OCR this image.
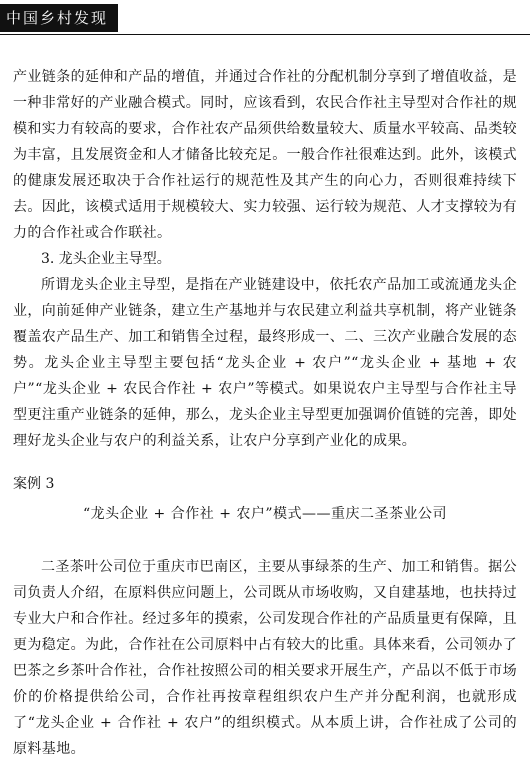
中国乡村发现

产业链条的延伸和产品的增值，并通过合作社的分配机制分享到了增值收益，是一种非常好的产业融合模式。同时，应该看到，农民合作社主导型对合作社的规模和实力有较高的要求，合作社农产品须供给数量较大、质量水平较高、品类较为丰富，且发展资金和人才储备比较充足。一般合作社很难达到。此外，该模式的健康发展还取决于合作社运行的规范性及其产生的向心力，否则很难持续下去。因此，该模式适用于规模较大、实力较强、运行较为规范、人才支撑较为有力的合作社或合作联社。

3. 龙头企业主导型。

所谓龙头企业主导型，是指在产业链建设中，依托农产品加工或流通龙头企业，向前延伸产业链条，建立生产基地并与农民建立利益共享机制，将产业链条覆盖农产品生产、加工和销售全过程，最终形成一、二、三次产业融合发展的态势。龙头企业主导型主要包括“龙头企业 + 农户”“龙头企业 + 基地 + 农户”“龙头企业 + 农民合作社 + 农户”等模式。如果说农户主导型与合作社主导型更注重产业链条的延伸，那么，龙头企业主导型更加强调价值链的完善，即处理好龙头企业与农户的利益关系，让农户分享到产业化的成果。

案例 3
“龙头企业 + 合作社 + 农户”模式——重庆二圣茶业公司

二圣茶叶公司位于重庆市巴南区，主要从事绿茶的生产、加工和销售。据公司负责人介绍，在原料供应问题上，公司既从市场收购，又自建基地，也扶持过专业大户和合作社。经过多年的摸索，公司发现合作社的产品质量更有保障，且更为稳定。为此，合作社在公司原料中占有较大的比重。具体来看，公司领办了巴茶之乡茶叶合作社，合作社按照公司的相关要求开展生产，产品以不低于市场价的价格提供给公司，合作社再按章程组织农户生产并分配利润，也就形成了“龙头企业 + 合作社 + 农户”的组织模式。从本质上讲，合作社成了公司的原料基地。
